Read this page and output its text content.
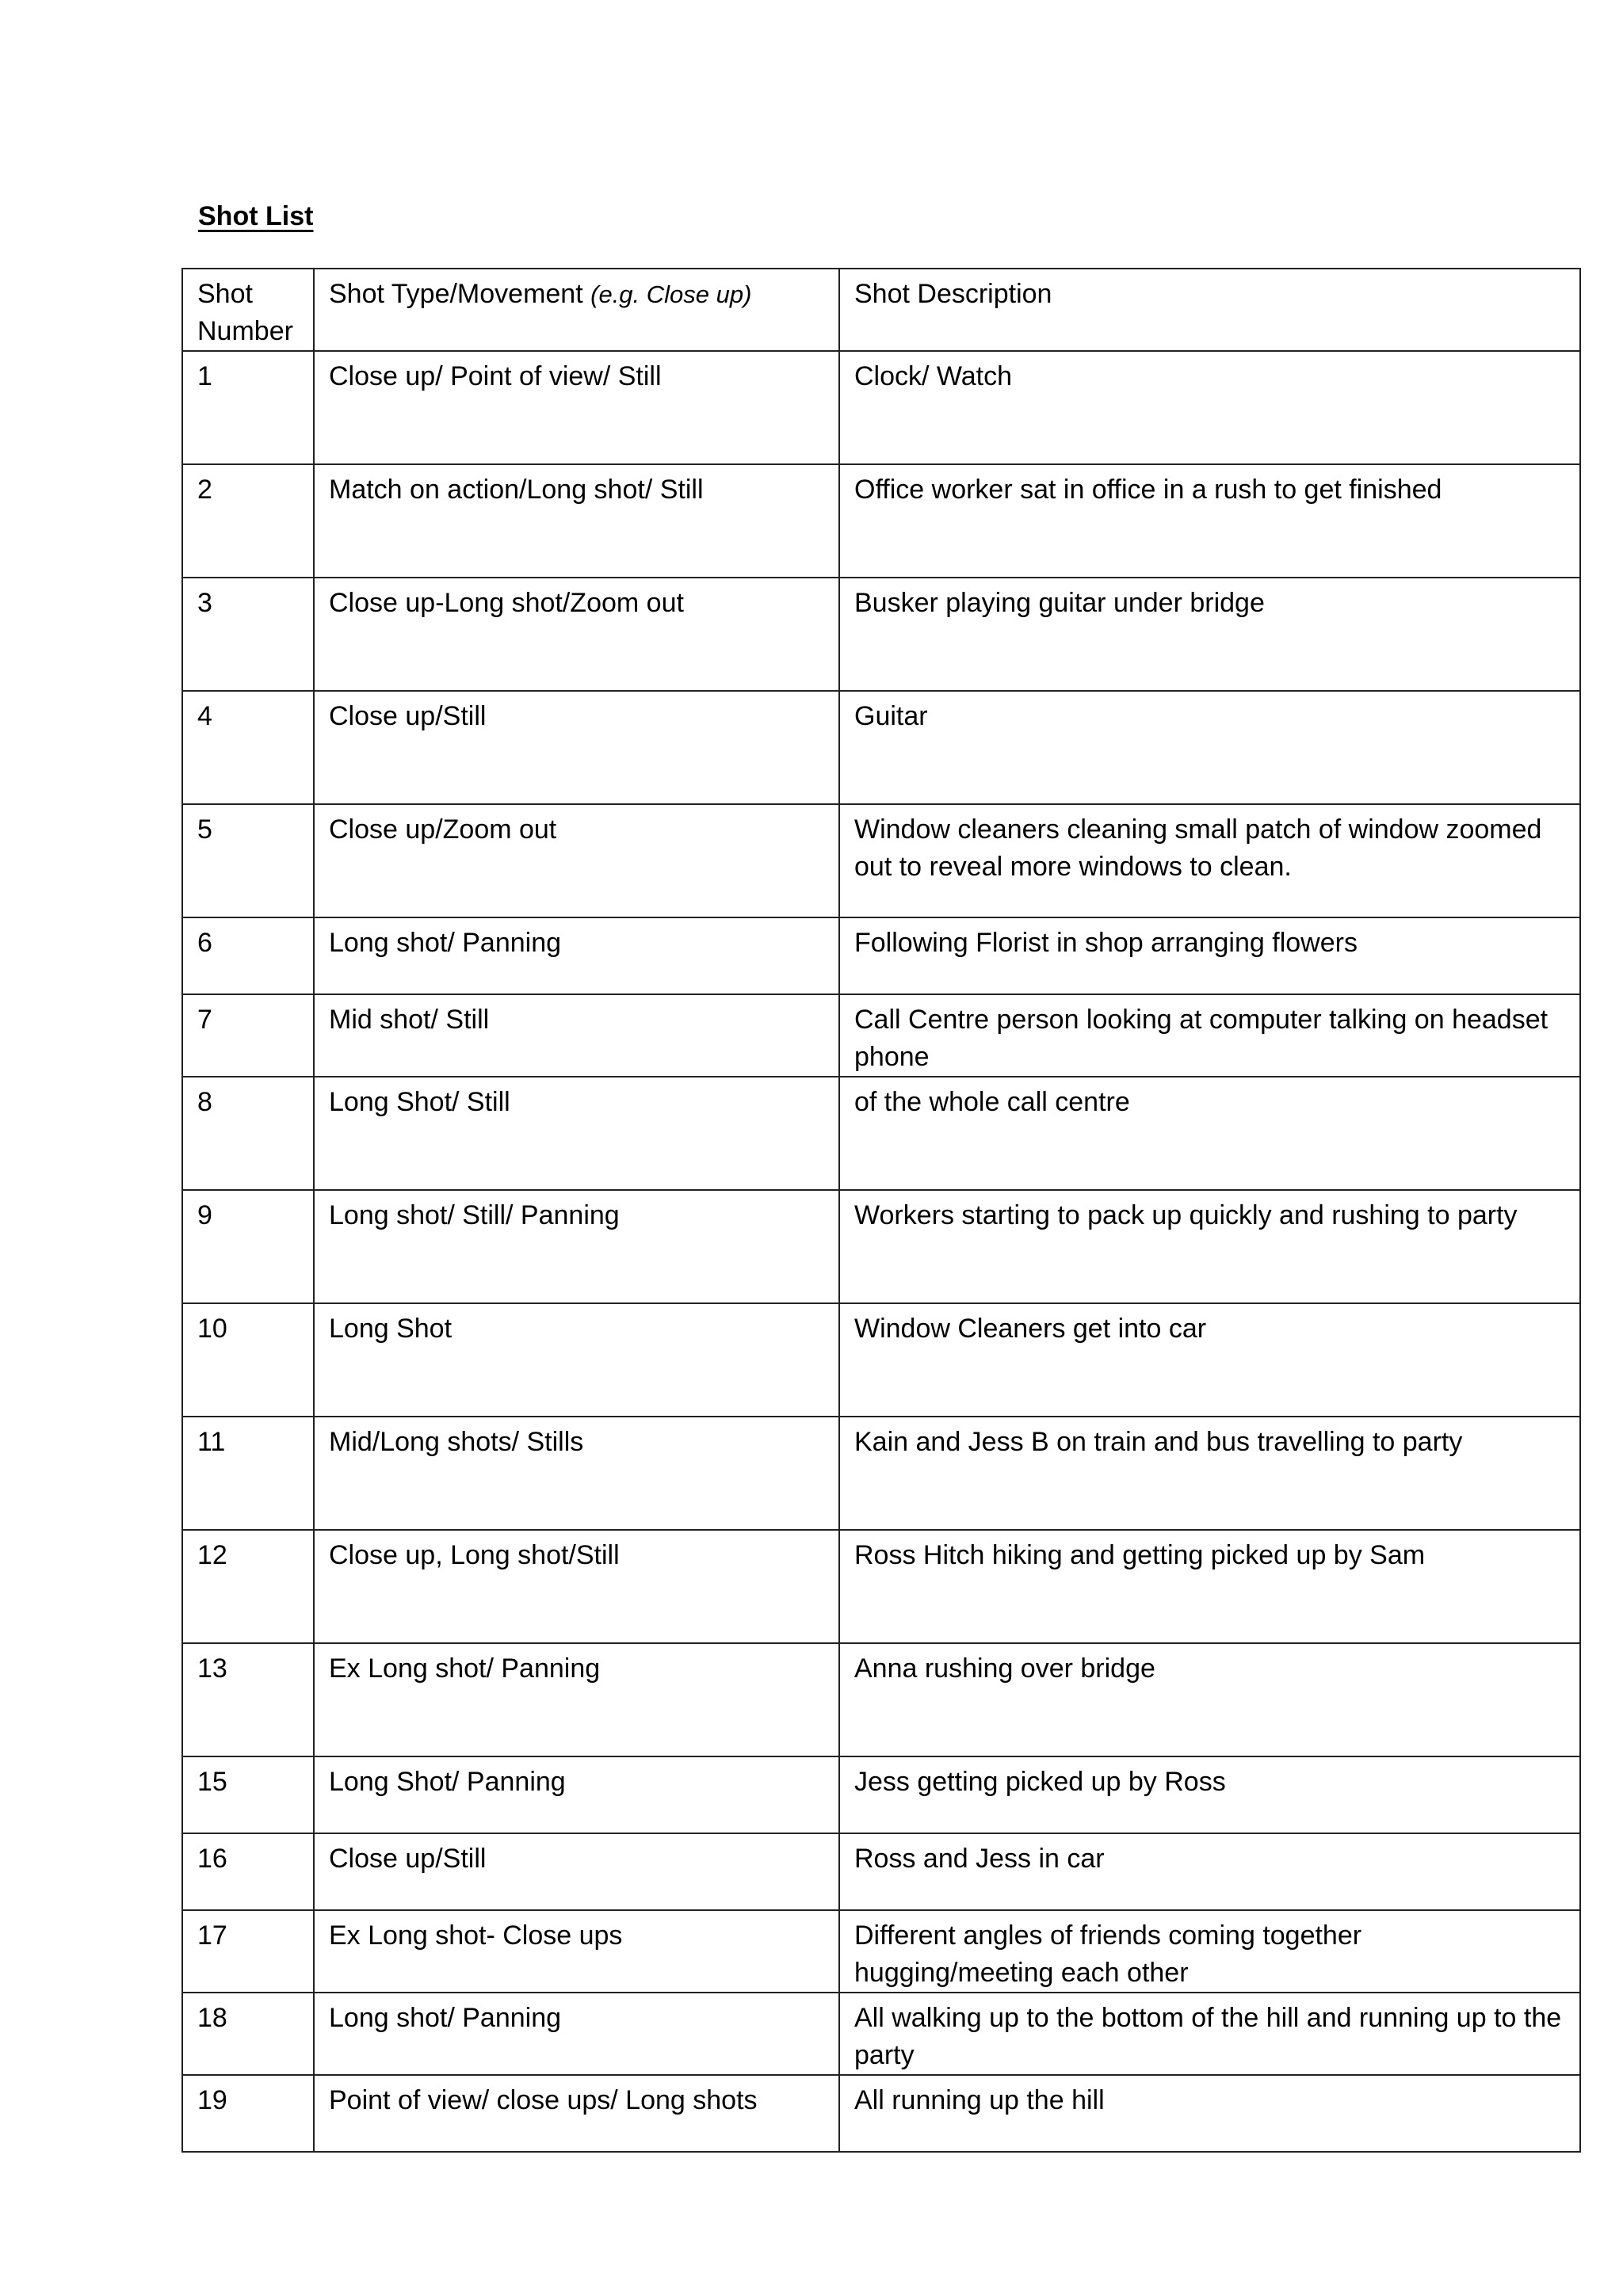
Shot List
Shot Number	Shot Type/Movement (e.g. Close up)	Shot Description
1	Close up/ Point of view/ Still	Clock/ Watch
2	Match on action/Long shot/ Still	Office worker sat in office in a rush to get finished
3	Close up-Long shot/Zoom out	Busker playing guitar under bridge
4	Close up/Still	Guitar
5	Close up/Zoom out	Window cleaners cleaning small patch of window zoomed out to reveal more windows to clean.
6	Long shot/ Panning	Following Florist in shop arranging flowers
7	Mid shot/ Still	Call Centre person looking at computer talking on headset phone
8	Long Shot/ Still	of the whole call centre
9	Long shot/ Still/ Panning	Workers starting to pack up quickly and rushing to party
10	Long Shot	Window Cleaners get into car
11	Mid/Long shots/ Stills	Kain and Jess B on train and bus travelling to party
12	Close up, Long shot/Still	Ross Hitch hiking and getting picked up by Sam
13	Ex Long shot/ Panning	Anna rushing over bridge
15	Long Shot/ Panning	Jess getting picked up by Ross
16	Close up/Still	Ross and Jess in car
17	Ex Long shot- Close ups	Different angles of friends coming together hugging/meeting each other
18	Long shot/ Panning	All walking up to the bottom of the hill and running up to the party
19	Point of view/ close ups/ Long shots	All running up the hill
